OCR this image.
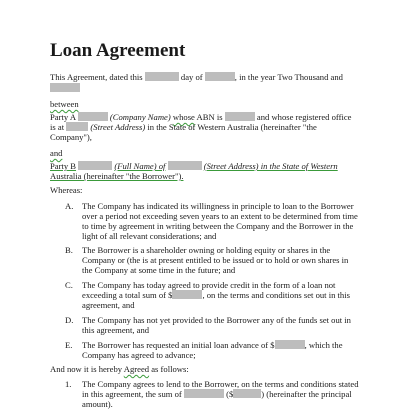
Loan Agreement
This Agreement, dated this	day of	, in the year Two Thousand and
between
Party A	(Company Name) whose ABN is	and whose registered office
is at	(Street Address) in the State of Western Australia (hereinafter "the
Company"),
and
Party B	(Full Name) of	(Street Address) in the State of Western
Australia (hereinafter "the Borrower").
Whereas:
A. The Company has indicated its willingness in principle to loan to the Borrower
over a period not exceeding seven years to an extent to be determined from time
to time by agreement in writing between the Company and the Borrower in the
light of all relevant considerations; and
B. The Borrower is a shareholder owning or holding equity or shares in the
Company or (the is at present entitled to be issued or to hold or own shares in
the Company at some time in the future; and
C. The Company has today agreed to provide credit in the form of a loan not
exceeding a total sum of $	, on the terms and conditions set out in this
agreement, and
D. The Company has not yet provided to the Borrower any of the funds set out in
this agreement, and
E. The Borrower has requested an initial loan advance of $	, which the
Company has agreed to advance;
And now it is hereby Agreed as follows:
1. The Company agrees to lend to the Borrower, on the terms and conditions stated
in this agreement, the sum of	($	) (hereinafter the principal
amount).
